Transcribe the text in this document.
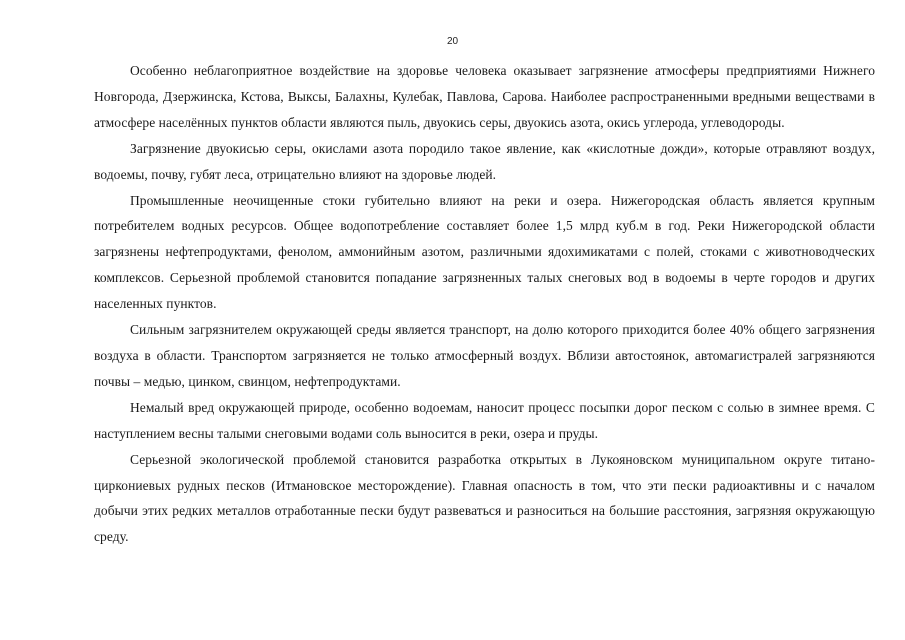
20

Особенно неблагоприятное воздействие на здоровье человека оказывает загрязнение атмосферы предприятиями Нижнего Новгорода, Дзержинска, Кстова, Выксы, Балахны, Кулебак, Павлова, Сарова. Наиболее распространенными вредными веществами в атмосфере населённых пунктов области являются пыль, двуокись серы, двуокись азота, окись углерода, углеводороды.

Загрязнение двуокисью серы, окислами азота породило такое явление, как «кислотные дожди», которые отравляют воздух, водоемы, почву, губят леса, отрицательно влияют на здоровье людей.

Промышленные неочищенные стоки губительно влияют на реки и озера. Нижегородская область является крупным потребителем водных ресурсов. Общее водопотребление составляет более 1,5 млрд куб.м в год. Реки Нижегородской области загрязнены нефтепродуктами, фенолом, аммонийным азотом, различными ядохимикатами с полей, стоками с животноводческих комплексов. Серьезной проблемой становится попадание загрязненных талых снеговых вод в водоемы в черте городов и других населенных пунктов.

Сильным загрязнителем окружающей среды является транспорт, на долю которого приходится более 40% общего загрязнения воздуха в области. Транспортом загрязняется не только атмосферный воздух. Вблизи автостоянок, автомагистралей загрязняются почвы – медью, цинком, свинцом, нефтепродуктами.

Немалый вред окружающей природе, особенно водоемам, наносит процесс посыпки дорог песком с солью в зимнее время. С наступлением весны талыми снеговыми водами соль выносится в реки, озера и пруды.

Серьезной экологической проблемой становится разработка открытых в Лукояновском муниципальном округе титано-циркониевых рудных песков (Итмановское месторождение). Главная опасность в том, что эти пески радиоактивны и с началом добычи этих редких металлов отработанные пески будут развеваться и разноситься на большие расстояния, загрязняя окружающую среду.
